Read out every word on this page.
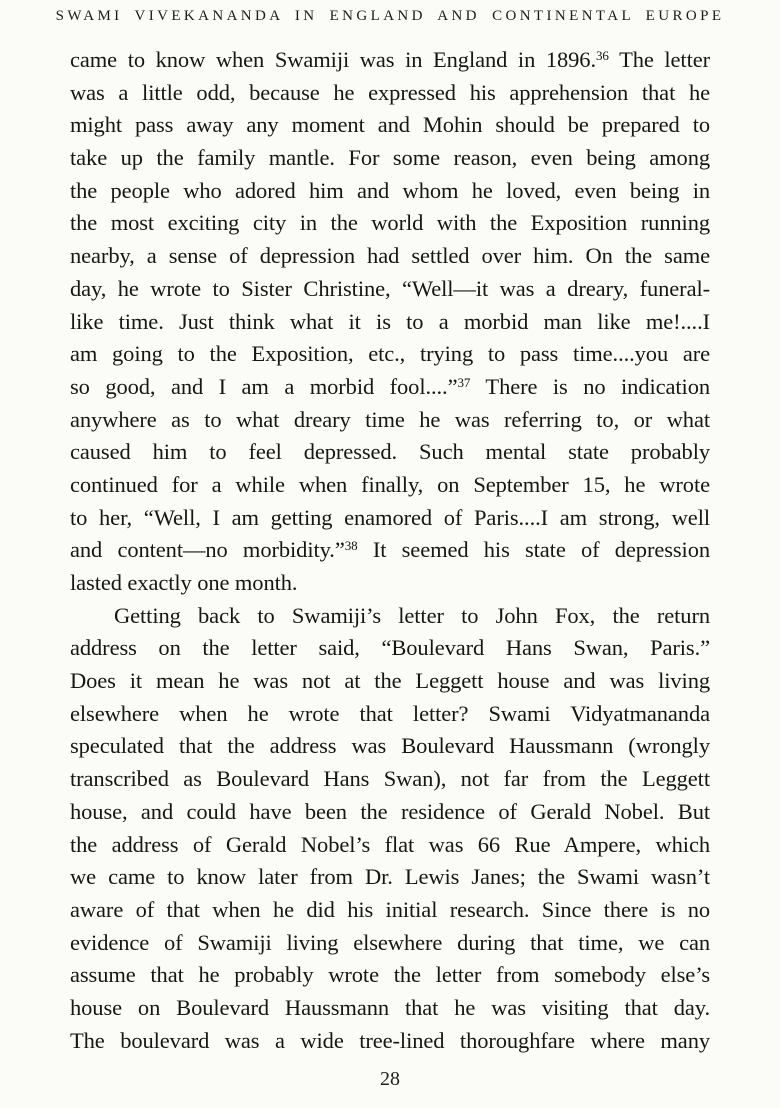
SWAMI VIVEKANANDA IN ENGLAND AND CONTINENTAL EUROPE
came to know when Swamiji was in England in 1896.36 The letter
was a little odd, because he expressed his apprehension that he
might pass away any moment and Mohin should be prepared to
take up the family mantle. For some reason, even being among
the people who adored him and whom he loved, even being in
the most exciting city in the world with the Exposition running
nearby, a sense of depression had settled over him. On the same
day, he wrote to Sister Christine, “Well—it was a dreary, funeral-
like time. Just think what it is to a morbid man like me!....I
am going to the Exposition, etc., trying to pass time....you are
so good, and I am a morbid fool....”$^{37}$ There is no indication
anywhere as to what dreary time he was referring to, or what
caused him to feel depressed. Such mental state probably
continued for a while when finally, on September 15, he wrote
to her, “Well, I am getting enamored of Paris....I am strong, well
and content—no morbidity.”$^{38}$ It seemed his state of depression
lasted exactly one month.
Getting back to Swamiji’s letter to John Fox, the return
address on the letter said, “Boulevard Hans Swan, Paris.”
Does it mean he was not at the Leggett house and was living
elsewhere when he wrote that letter? Swami Vidyatmananda
speculated that the address was Boulevard Haussmann (wrongly
transcribed as Boulevard Hans Swan), not far from the Leggett
house, and could have been the residence of Gerald Nobel. But
the address of Gerald Nobel’s flat was 66 Rue Ampere, which
we came to know later from Dr. Lewis Janes; the Swami wasn’t
aware of that when he did his initial research. Since there is no
evidence of Swamiji living elsewhere during that time, we can
assume that he probably wrote the letter from somebody else’s
house on Boulevard Haussmann that he was visiting that day.
The boulevard was a wide tree-lined thoroughfare where many
28
